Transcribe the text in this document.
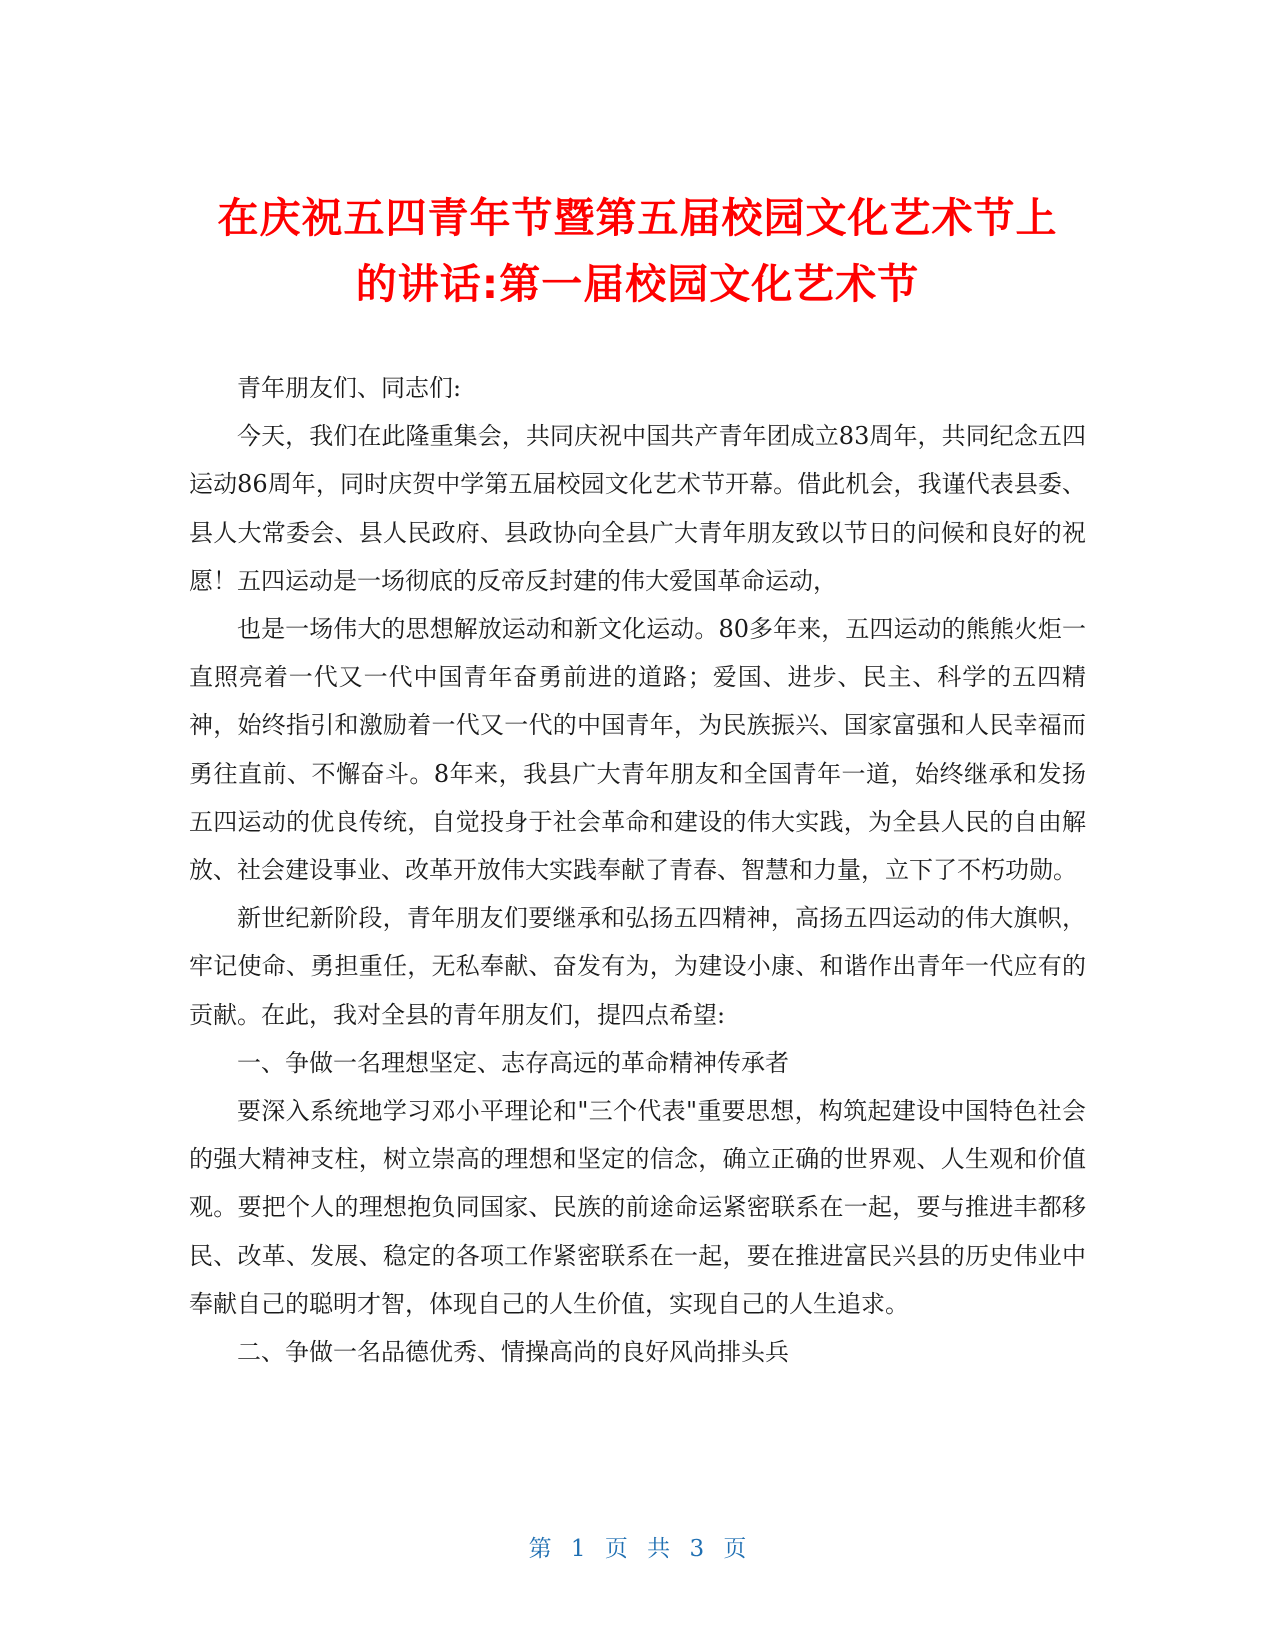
在庆祝五四青年节暨第五届校园文化艺术节上
的讲话:第一届校园文化艺术节

青年朋友们、同志们:

今天，我们在此隆重集会，共同庆祝中国共产青年团成立83周年，共同纪念五四运动86周年，同时庆贺中学第五届校园文化艺术节开幕。借此机会，我谨代表县委、县人大常委会、县人民政府、县政协向全县广大青年朋友致以节日的问候和良好的祝愿！五四运动是一场彻底的反帝反封建的伟大爱国革命运动，

也是一场伟大的思想解放运动和新文化运动。80多年来，五四运动的熊熊火炬一直照亮着一代又一代中国青年奋勇前进的道路；爱国、进步、民主、科学的五四精神，始终指引和激励着一代又一代的中国青年，为民族振兴、国家富强和人民幸福而勇往直前、不懈奋斗。8年来，我县广大青年朋友和全国青年一道，始终继承和发扬五四运动的优良传统，自觉投身于社会革命和建设的伟大实践，为全县人民的自由解放、社会建设事业、改革开放伟大实践奉献了青春、智慧和力量，立下了不朽功勋。

新世纪新阶段，青年朋友们要继承和弘扬五四精神，高扬五四运动的伟大旗帜，牢记使命、勇担重任，无私奉献、奋发有为，为建设小康、和谐作出青年一代应有的贡献。在此，我对全县的青年朋友们，提四点希望:

一、争做一名理想坚定、志存高远的革命精神传承者

要深入系统地学习邓小平理论和"三个代表"重要思想，构筑起建设中国特色社会的强大精神支柱，树立崇高的理想和坚定的信念，确立正确的世界观、人生观和价值观。要把个人的理想抱负同国家、民族的前途命运紧密联系在一起，要与推进丰都移民、改革、发展、稳定的各项工作紧密联系在一起，要在推进富民兴县的历史伟业中奉献自己的聪明才智，体现自己的人生价值，实现自己的人生追求。

二、争做一名品德优秀、情操高尚的良好风尚排头兵

第 1 页 共 3 页
